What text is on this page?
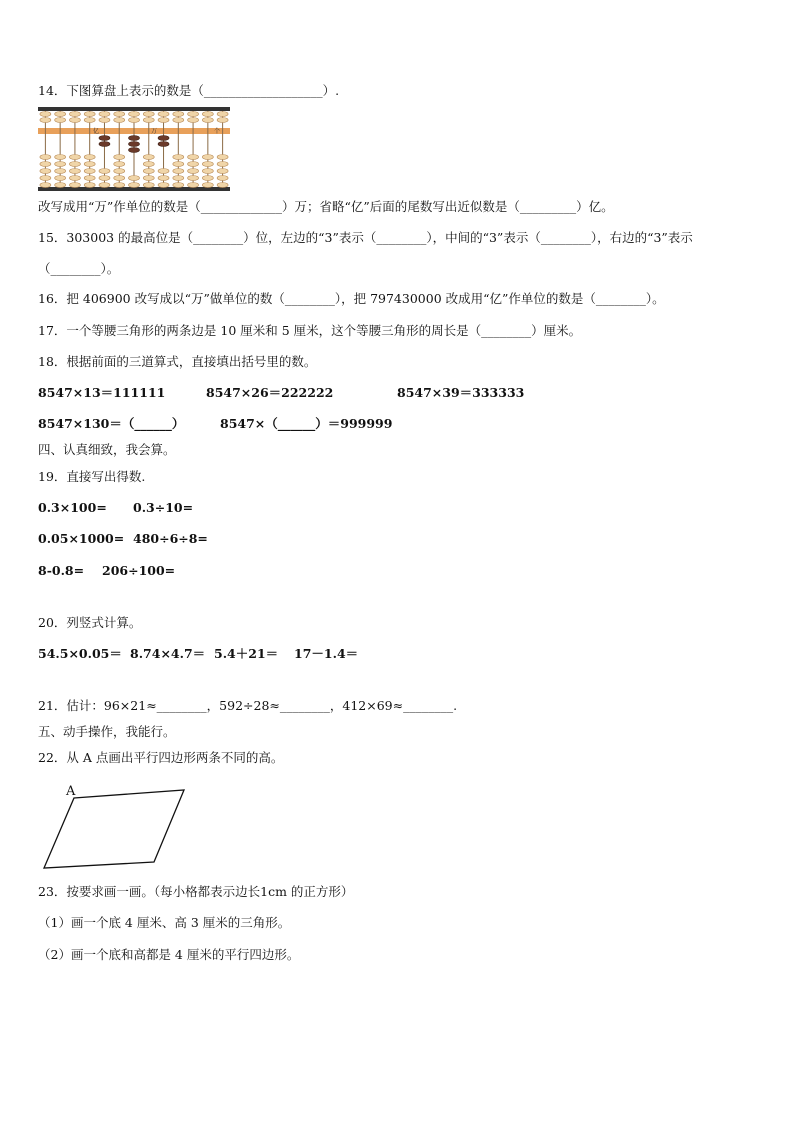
14．下图算盘上表示的数是（___________________）.
亿	万	个
改写成用“万”作单位的数是（_____________）万；省略“亿”后面的尾数写出近似数是（_________）亿。
15．303003 的最高位是（________）位，左边的“3”表示（________），中间的“3”表示（________），右边的“3”表示
（________）。
16．把 406900 改写成以“万”做单位的数（________），把 797430000 改成用“亿”作单位的数是（________）。
17．一个等腰三角形的两条边是 10 厘米和 5 厘米，这个等腰三角形的周长是（________）厘米。
18．根据前面的三道算式，直接填出括号里的数。
8547×13＝111111	8547×26＝222222	8547×39＝333333
8547×130＝（______）	8547×（______）＝999999
四、认真细致，我会算。
19．直接写出得数.
0.3×100= 0.3÷10=
0.05×1000= 480÷6÷8=
8-0.8= 206÷100=
20．列竖式计算。
54.5×0.05＝ 8.74×4.7＝ 5.4＋21＝ 17－1.4＝
21．估计：96×21≈________，592÷28≈________，412×69≈________.
五、动手操作，我能行。
22．从 A 点画出平行四边形两条不同的高。
A
23．按要求画一画。（每小格都表示边长1cm 的正方形）
（1）画一个底 4 厘米、高 3 厘米的三角形。
（2）画一个底和高都是 4 厘米的平行四边形。
